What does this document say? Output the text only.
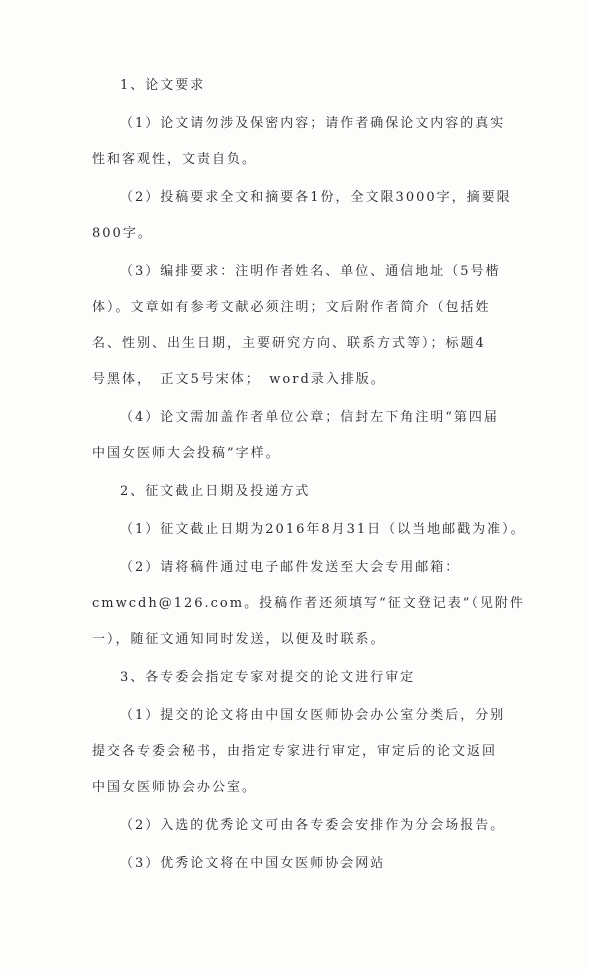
1、论文要求
（1）论文请勿涉及保密内容；请作者确保论文内容的真实
性和客观性，文责自负。
（2）投稿要求全文和摘要各1份，全文限3000字，摘要限
800字。
（3）编排要求：注明作者姓名、单位、通信地址（5号楷
体）。文章如有参考文献必须注明；文后附作者简介（包括姓
名、性别、出生日期，主要研究方向、联系方式等）；标题4
号黑体，　正文5号宋体；　word录入排版。
（4）论文需加盖作者单位公章；信封左下角注明“第四届
中国女医师大会投稿”字样。
2、征文截止日期及投递方式
（1）征文截止日期为2016年8月31日（以当地邮戳为准）。
（2）请将稿件通过电子邮件发送至大会专用邮箱：
cmwcdh@126.com。投稿作者还须填写“征文登记表”（见附件
一），随征文通知同时发送，以便及时联系。
3、各专委会指定专家对提交的论文进行审定
（1）提交的论文将由中国女医师协会办公室分类后，分别
提交各专委会秘书，由指定专家进行审定，审定后的论文返回
中国女医师协会办公室。
（2）入选的优秀论文可由各专委会安排作为分会场报告。
（3）优秀论文将在中国女医师协会网站
